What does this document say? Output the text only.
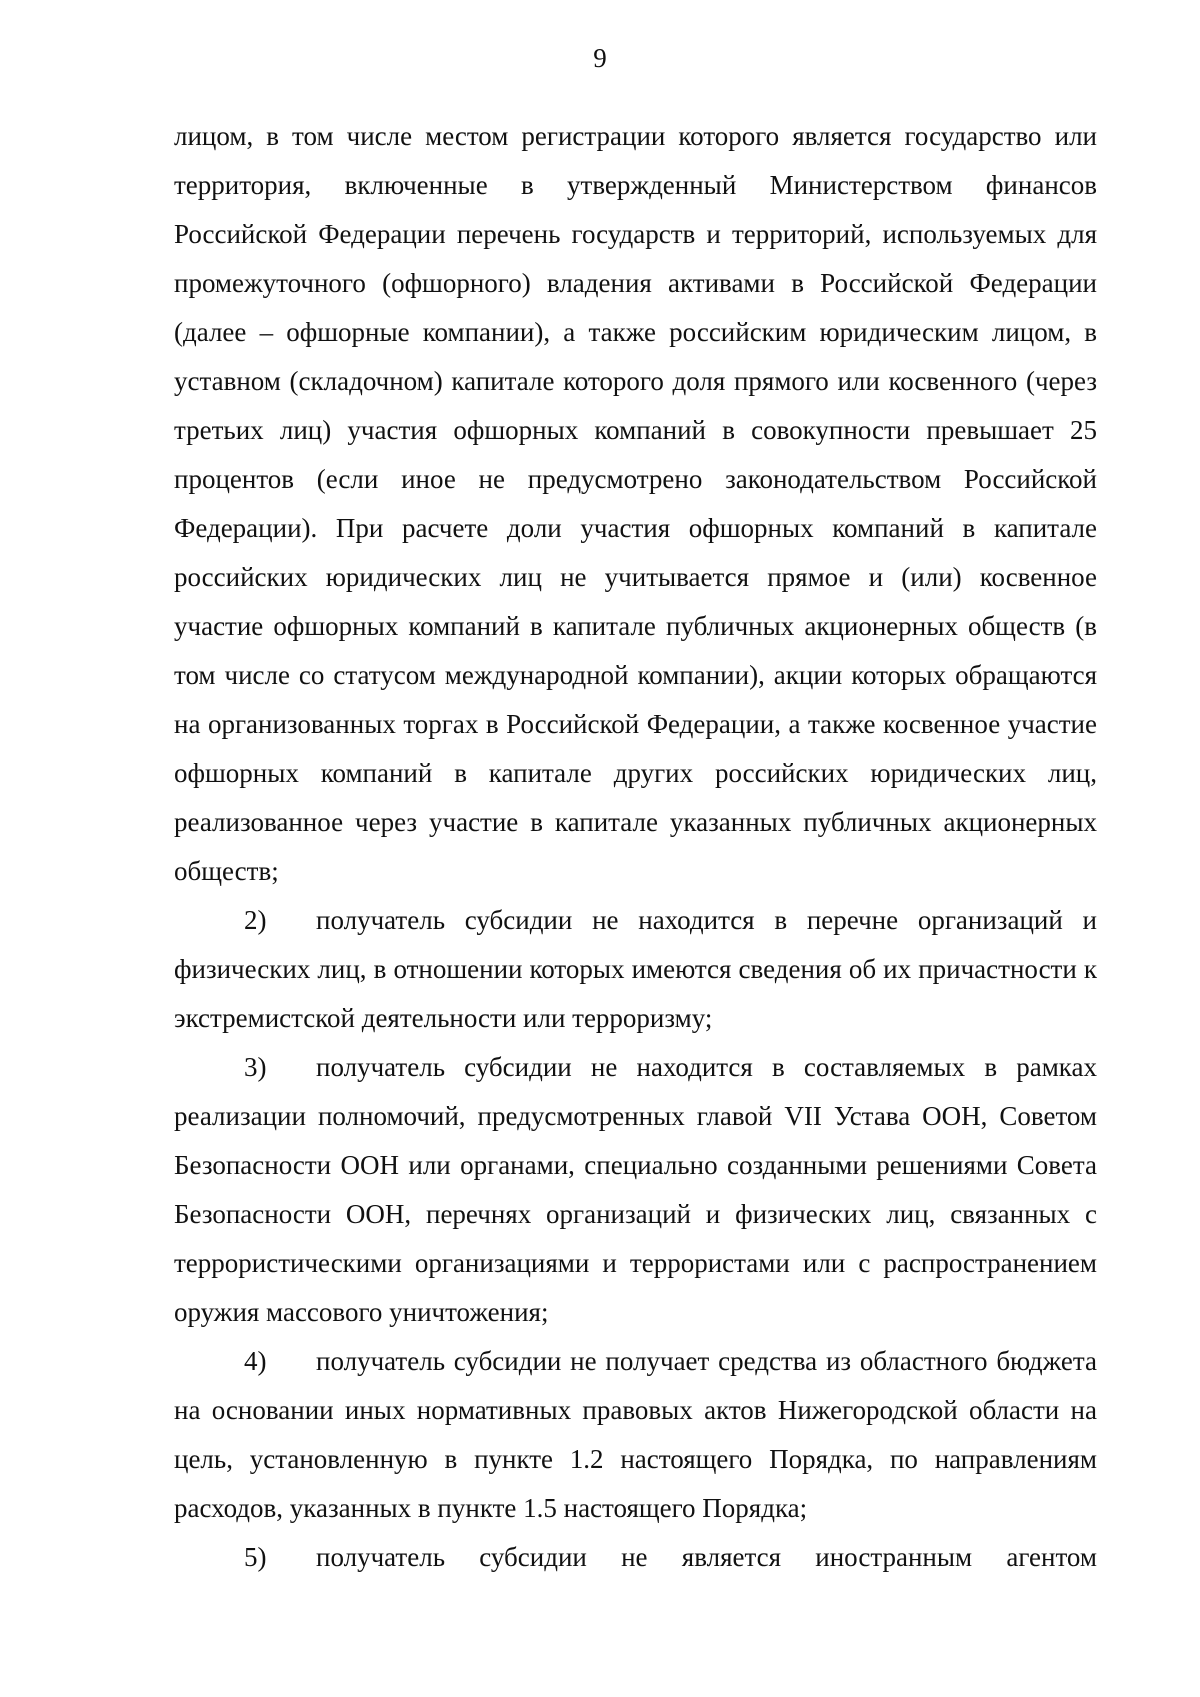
9

лицом, в том числе местом регистрации которого является государство или территория, включенные в утвержденный Министерством финансов Российской Федерации перечень государств и территорий, используемых для промежуточного (офшорного) владения активами в Российской Федерации (далее – офшорные компании), а также российским юридическим лицом, в уставном (складочном) капитале которого доля прямого или косвенного (через третьих лиц) участия офшорных компаний в совокупности превышает 25 процентов (если иное не предусмотрено законодательством Российской Федерации). При расчете доли участия офшорных компаний в капитале российских юридических лиц не учитывается прямое и (или) косвенное участие офшорных компаний в капитале публичных акционерных обществ (в том числе со статусом международной компании), акции которых обращаются на организованных торгах в Российской Федерации, а также косвенное участие офшорных компаний в капитале других российских юридических лиц, реализованное через участие в капитале указанных публичных акционерных обществ;

2) получатель субсидии не находится в перечне организаций и физических лиц, в отношении которых имеются сведения об их причастности к экстремистской деятельности или терроризму;

3) получатель субсидии не находится в составляемых в рамках реализации полномочий, предусмотренных главой VII Устава ООН, Советом Безопасности ООН или органами, специально созданными решениями Совета Безопасности ООН, перечнях организаций и физических лиц, связанных с террористическими организациями и террористами или с распространением оружия массового уничтожения;

4) получатель субсидии не получает средства из областного бюджета на основании иных нормативных правовых актов Нижегородской области на цель, установленную в пункте 1.2 настоящего Порядка, по направлениям расходов, указанных в пункте 1.5 настоящего Порядка;

5) получатель субсидии не является иностранным агентом
